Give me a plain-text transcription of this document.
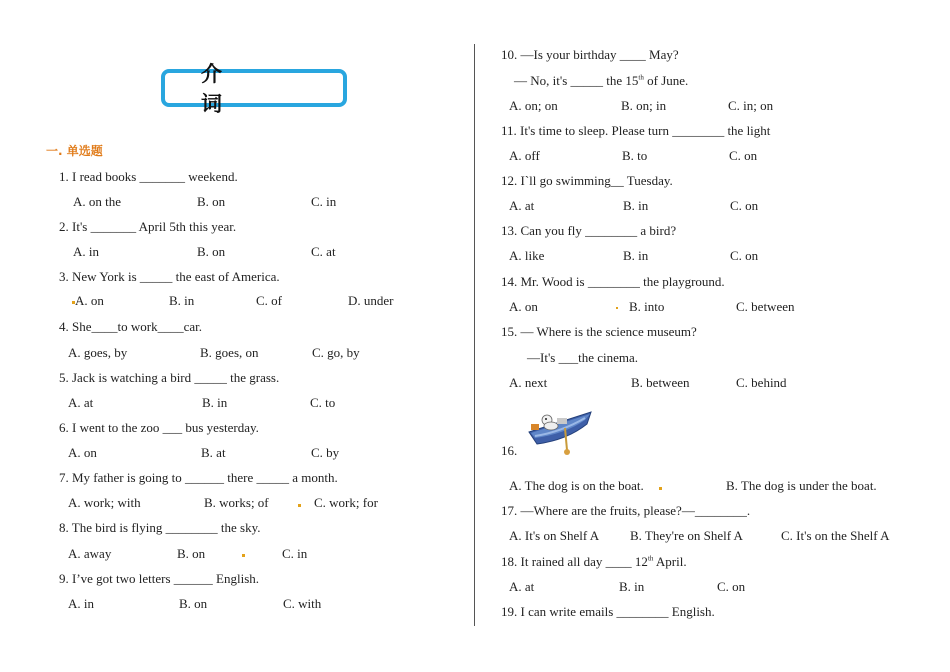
介 词
一. 单选题
1. I read books _______ weekend.
A. on the	B. on	C. in
2. It's _______ April 5th this year.
A. in	B. on	C. at
3. New York is _____ the east of America.
A. on	B. in	C. of	D. under
4. She____to work____car.
A. goes, by	B. goes, on	C. go, by
5. Jack is watching a bird _____ the grass.
A. at	B. in	C. to
6. I went to the zoo ___ bus yesterday.
A. on	B. at	C. by
7. My father is going to ______ there _____ a month.
A. work; with	B. works; of	C. work; for
8. The bird is flying ________ the sky.
A. away	B. on	C. in
9. I’ve got two letters ______ English.
A. in	B. on	C. with
10. —Is your birthday ____ May?
— No, it's _____ the 15th of June.
A. on; on	B. on; in	C. in; on
11. It's time to sleep. Please turn ________ the light
A. off	B. to	C. on
12. I`ll go swimming__ Tuesday.
A. at	B. in	C. on
13. Can you fly ________ a bird?
A. like	B. in	C. on
14. Mr. Wood is ________ the playground.
A. on	B. into	C. between
15. — Where is the science museum?
—It's ___the cinema.
A. next	B. between	C. behind
16.
A. The dog is on the boat.	B. The dog is under the boat.
17. —Where are the fruits, please?—________.
A. It's on Shelf A B. They're on Shelf A	C. It's on the Shelf A
18. It rained all day ____ 12th April.
A. at	B. in	C. on
19. I can write emails ________ English.
